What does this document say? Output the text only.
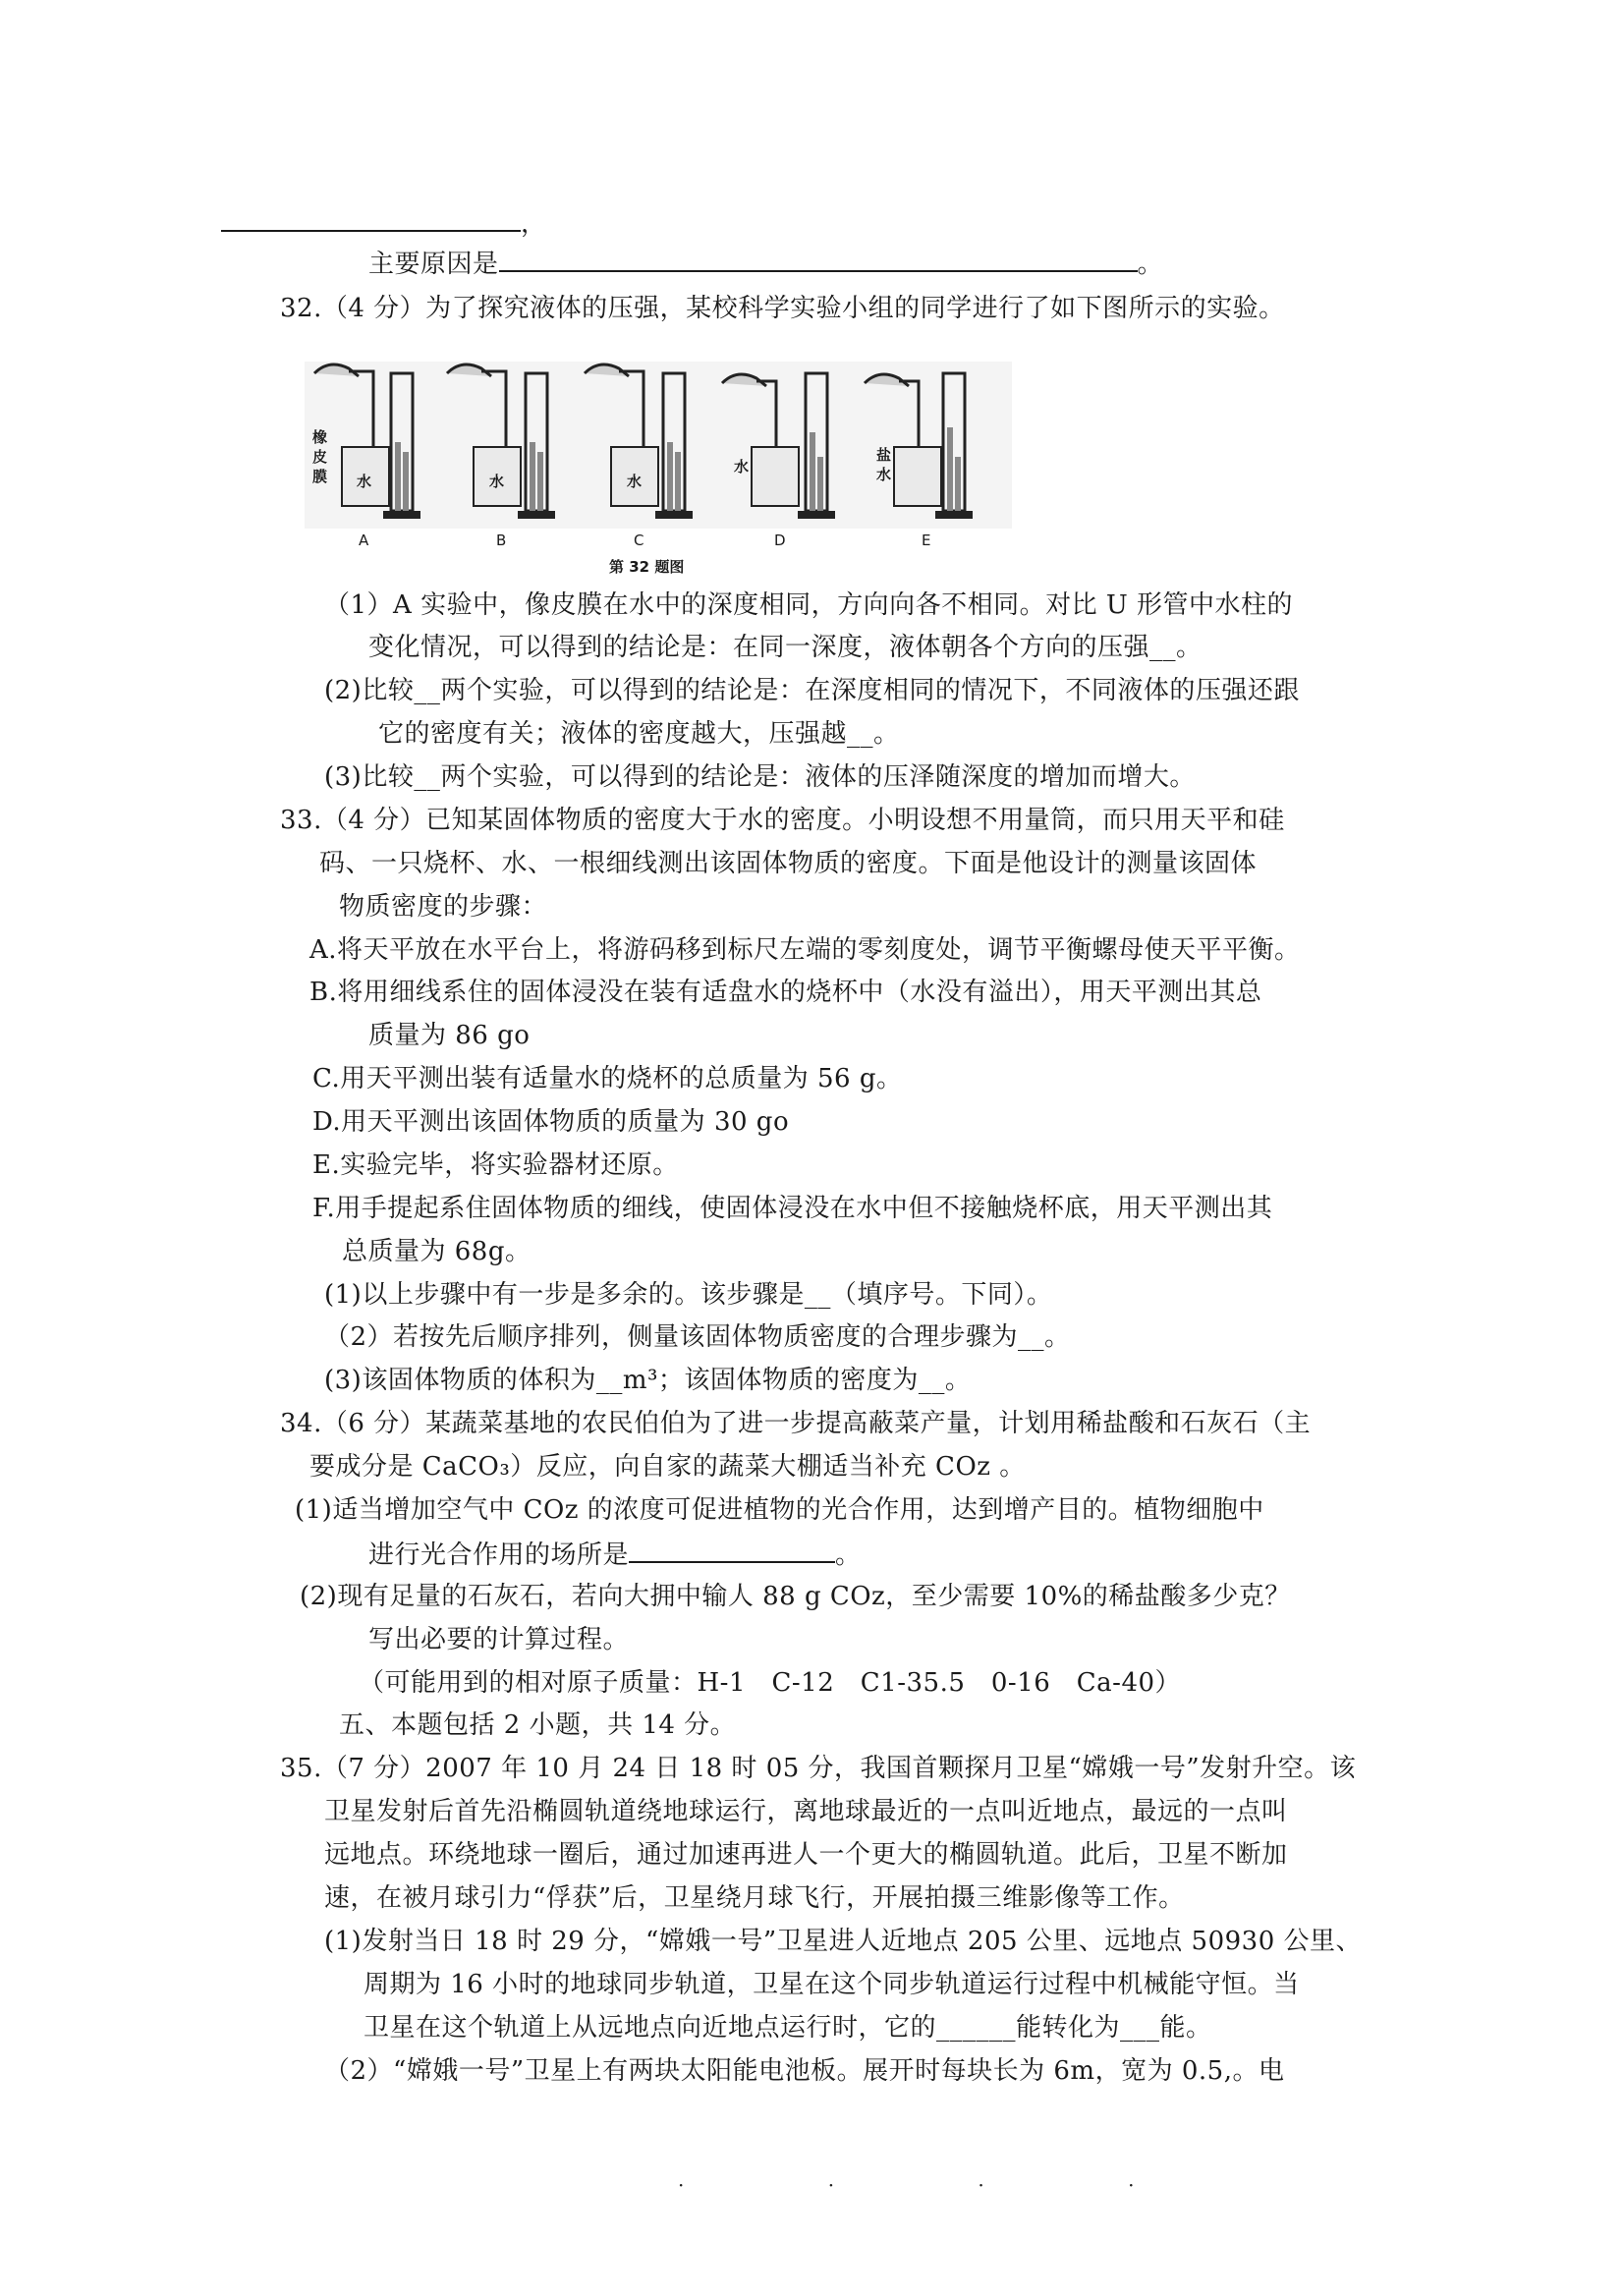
，
主要原因是	。
32.（4 分）为了探究液体的压强，某校科学实验小组的同学进行了如下图所示的实验。
橡
皮
膜 水	水	水
水
盐
水
A	B	C	D	E
第 32 题图
（1）A 实验中，像皮膜在水中的深度相同，方向向各不相同。对比 U 形管中水柱的
变化情况，可以得到的结论是：在同一深度，液体朝各个方向的压强__。
(2)比较__两个实验，可以得到的结论是：在深度相同的情况下，不同液体的压强还跟
它的密度有关；液体的密度越大，压强越__。
(3)比较__两个实验，可以得到的结论是：液体的压泽随深度的增加而增大。
33.（4 分）已知某固体物质的密度大于水的密度。小明设想不用量筒，而只用天平和硅
码、一只烧杯、水、一根细线测出该固体物质的密度。下面是他设计的测量该固体
物质密度的步骤：
A.将天平放在水平台上，将游码移到标尺左端的零刻度处，调节平衡螺母使天平平衡。
B.将用细线系住的固体浸没在装有适盘水的烧杯中（水没有溢出），用天平测出其总
质量为 86 go
C.用天平测出装有适量水的烧杯的总质量为 56 g。
D.用天平测出该固体物质的质量为 30 go
E.实验完毕，将实验器材还原。
F.用手提起系住固体物质的细线，使固体浸没在水中但不接触烧杯底，用天平测出其
总质量为 68g。
(1)以上步骤中有一步是多余的。该步骤是__（填序号。下同）。
（2）若按先后顺序排列，侧量该固体物质密度的合理步骤为__。
(3)该固体物质的体积为__m³；该固体物质的密度为__。
34.（6 分）某蔬菜基地的农民伯伯为了进一步提高蔽菜产量，计划用稀盐酸和石灰石（主
要成分是 CaCO₃）反应，向自家的蔬菜大棚适当补充 COz 。
(1)适当增加空气中 COz 的浓度可促进植物的光合作用，达到增产目的。植物细胞中
进行光合作用的场所是	。
(2)现有足量的石灰石，若向大拥中输人 88 g COz，至少需要 10%的稀盐酸多少克？
写出必要的计算过程。
（可能用到的相对原子质量：H-1　C-12　C1-35.5　0-16　Ca-40）
五、本题包括 2 小题，共 14 分。
35.（7 分）2007 年 10 月 24 日 18 时 05 分，我国首颗探月卫星“嫦娥一号”发射升空。该
卫星发射后首先沿椭圆轨道绕地球运行，离地球最近的一点叫近地点，最远的一点叫
远地点。环绕地球一圈后，通过加速再进人一个更大的椭圆轨道。此后，卫星不断加
速，在被月球引力“俘获”后，卫星绕月球飞行，开展拍摄三维影像等工作。
(1)发射当日 18 时 29 分，“嫦娥一号”卫星进人近地点 205 公里、远地点 50930 公里、
周期为 16 小时的地球同步轨道，卫星在这个同步轨道运行过程中机械能守恒。当
卫星在这个轨道上从远地点向近地点运行时，它的______能转化为___能。
（2）“嫦娥一号”卫星上有两块太阳能电池板。展开时每块长为 6m，宽为 0.5,。电
· · · ·
